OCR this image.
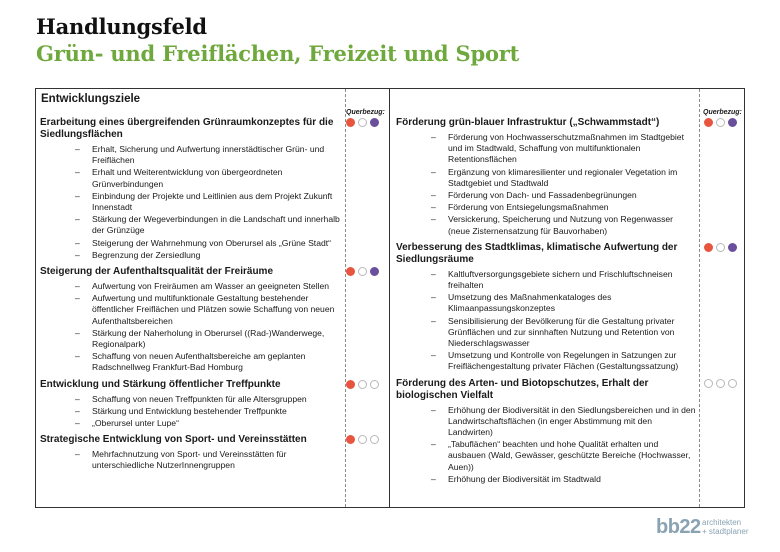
Handlungsfeld
Grün- und Freiflächen, Freizeit und Sport
Entwicklungsziele
Querbezug:	Querbezug:
Erarbeitung eines übergreifenden Grünraumkonzeptes für die Siedlungsflächen
– Erhalt, Sicherung und Aufwertung innerstädtischer Grün- und Freiflächen
– Erhalt und Weiterentwicklung von übergeordneten Grünverbindungen
– Einbindung der Projekte und Leitlinien aus dem Projekt Zukunft Innenstadt
– Stärkung der Wegeverbindungen in die Landschaft und innerhalb der Grünzüge
– Steigerung der Wahrnehmung von Oberursel als „Grüne Stadt“
– Begrenzung der Zersiedlung
Steigerung der Aufenthaltsqualität der Freiräume
– Aufwertung von Freiräumen am Wasser an geeigneten Stellen
– Aufwertung und multifunktionale Gestaltung bestehender öffentlicher Freiflächen und Plätzen sowie Schaffung von neuen Aufenthaltsbereichen
– Stärkung der Naherholung in Oberursel ((Rad-)Wanderwege, Regionalpark)
– Schaffung von neuen Aufenthaltsbereiche am geplanten Radschnellweg Frankfurt-Bad Homburg
Entwicklung und Stärkung öffentlicher Treffpunkte
– Schaffung von neuen Treffpunkten für alle Altersgruppen
– Stärkung und Entwicklung bestehender Treffpunkte
– „Oberursel unter Lupe“
Strategische Entwicklung von Sport- und Vereinsstätten
– Mehrfachnutzung von Sport- und Vereinsstätten für unterschiedliche NutzerInnengruppen
Förderung grün-blauer Infrastruktur („Schwammstadt“)
– Förderung von Hochwasserschutzmaßnahmen im Stadtgebiet und im Stadtwald, Schaffung von multifunktionalen Retentionsflächen
– Ergänzung von klimaresilienter und regionaler Vegetation im Stadtgebiet und Stadtwald
– Förderung von Dach- und Fassadenbegrünungen
– Förderung von Entsiegelungsmaßnahmen
– Versickerung, Speicherung und Nutzung von Regenwasser (neue Zisternensatzung für Bauvorhaben)
Verbesserung des Stadtklimas, klimatische Aufwertung der Siedlungsräume
– Kaltluftversorgungsgebiete sichern und Frischluftschneisen freihalten
– Umsetzung des Maßnahmenkataloges des Klimaanpassungskonzeptes
– Sensibilisierung der Bevölkerung für die Gestaltung privater Grünflächen und zur sinnhaften Nutzung und Retention von Niederschlagswasser
– Umsetzung und Kontrolle von Regelungen in Satzungen zur Freiflächengestaltung privater Flächen (Gestaltungssatzung)
Förderung des Arten- und Biotopschutzes, Erhalt der biologischen Vielfalt
– Erhöhung der Biodiversität in den Siedlungsbereichen und in den Landwirtschaftsflächen (in enger Abstimmung mit den Landwirten)
– „Tabuflächen“ beachten und hohe Qualität erhalten und ausbauen (Wald, Gewässer, geschützte Bereiche (Hochwasser, Auen))
– Erhöhung der Biodiversität im Stadtwald
bb22 architekten
+ stadtplaner
